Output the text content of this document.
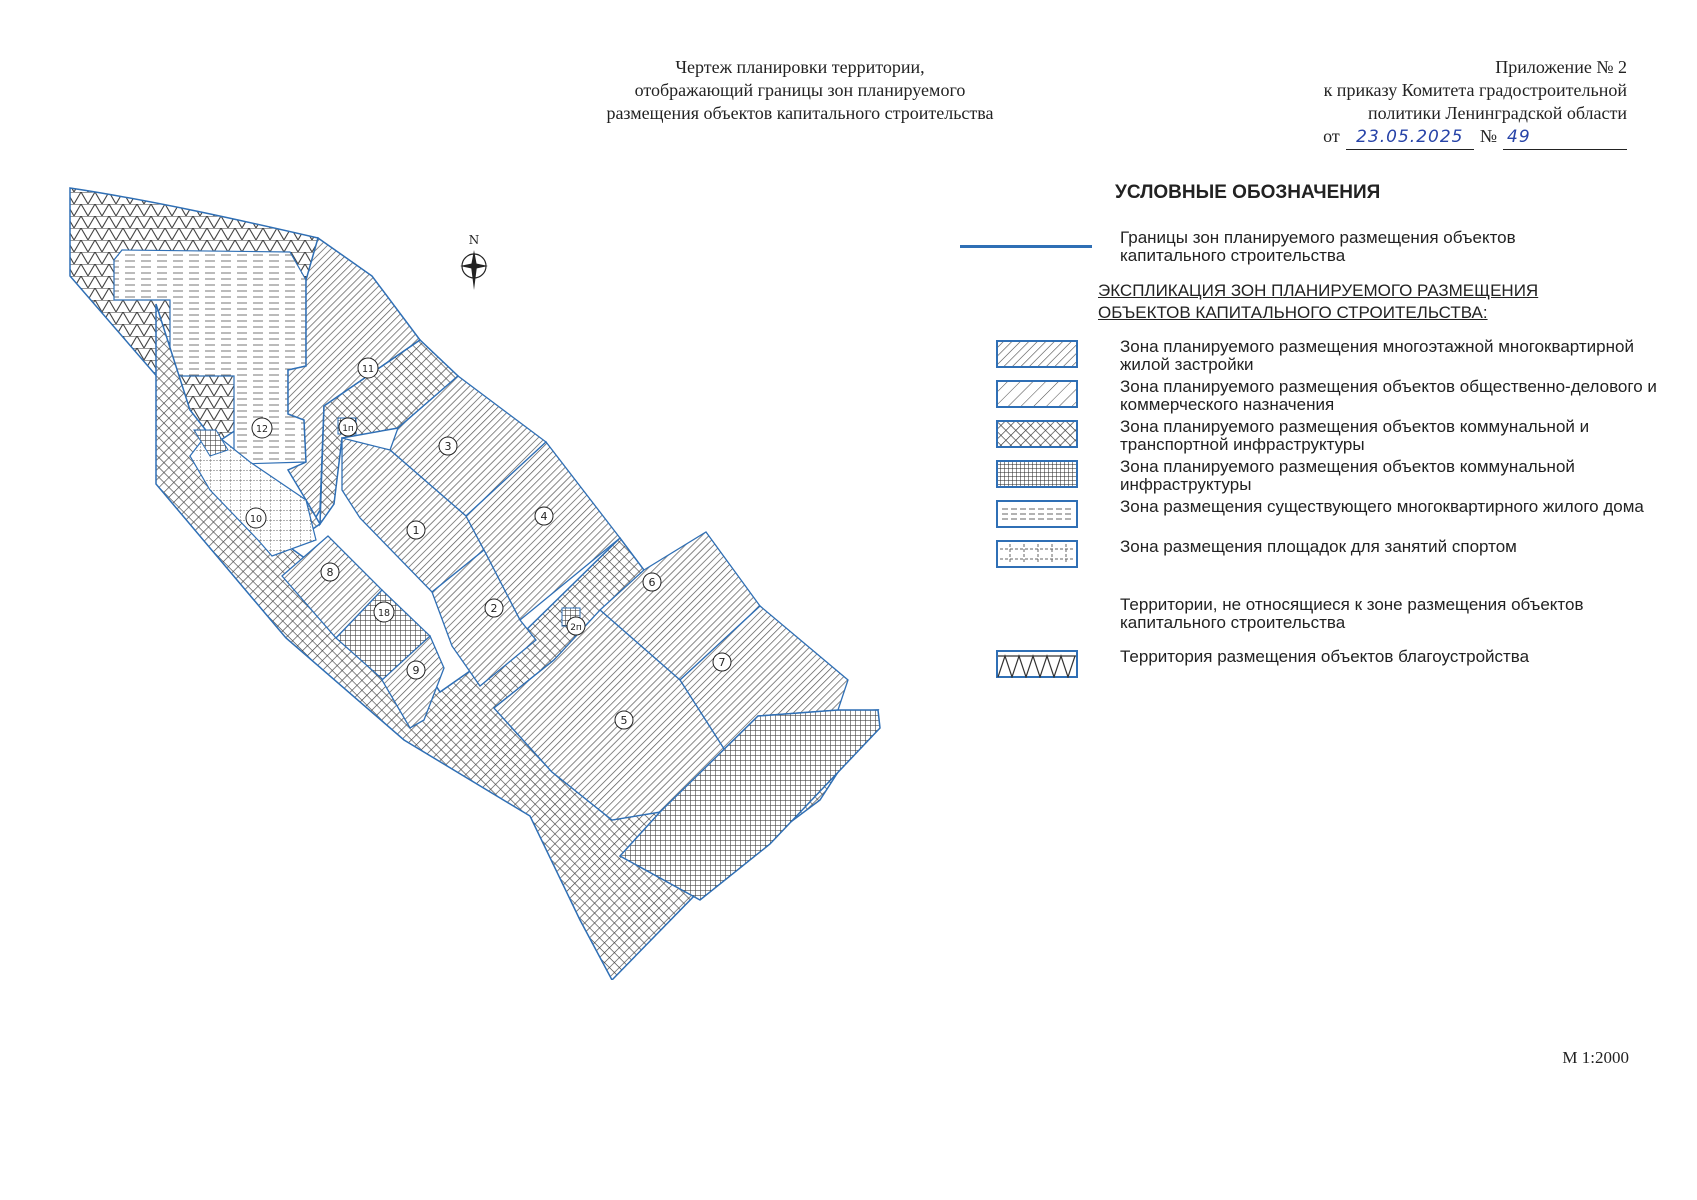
Чертеж планировки территории,
отображающий границы зон планируемого
размещения объектов капитального строительства
Приложение № 2
к приказу Комитета градостроительной
политики Ленинградской области
от 23.05.2025 № 49
1
2
3
4
5
6
7
8
9
10
11
12
18
1п
2п
N
УСЛОВНЫЕ ОБОЗНАЧЕНИЯ
Границы зон планируемого размещения объектов капитального строительства
ЭКСПЛИКАЦИЯ ЗОН ПЛАНИРУЕМОГО РАЗМЕЩЕНИЯ ОБЪЕКТОВ КАПИТАЛЬНОГО СТРОИТЕЛЬСТВА:
Зона планируемого размещения многоэтажной многоквартирной жилой застройки
Зона планируемого размещения объектов общественно-делового и коммерческого назначения
Зона планируемого размещения объектов коммунальной и транспортной инфраструктуры
Зона планируемого размещения объектов коммунальной инфраструктуры
Зона размещения существующего многоквартирного жилого дома
Зона размещения площадок для занятий спортом
Территории, не относящиеся к зоне размещения объектов капитального строительства
Территория размещения объектов благоустройства
М 1:2000
